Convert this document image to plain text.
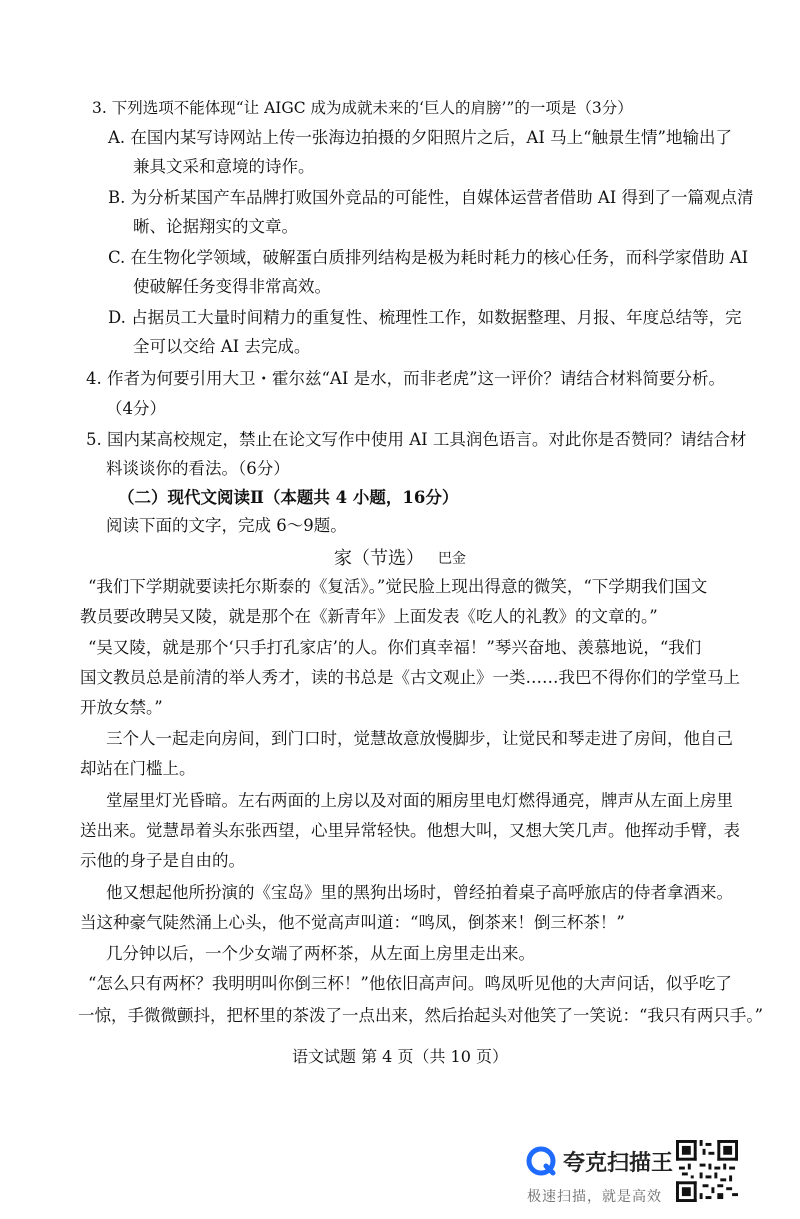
3. 下列选项不能体现“让 AIGC 成为成就未来的‘巨人的肩膀’”的一项是（3分）
A. 在国内某写诗网站上传一张海边拍摄的夕阳照片之后，AI 马上“触景生情”地输出了
兼具文采和意境的诗作。
B. 为分析某国产车品牌打败国外竞品的可能性，自媒体运营者借助 AI 得到了一篇观点清
晰、论据翔实的文章。
C. 在生物化学领域，破解蛋白质排列结构是极为耗时耗力的核心任务，而科学家借助 AI
使破解任务变得非常高效。
D. 占据员工大量时间精力的重复性、梳理性工作，如数据整理、月报、年度总结等，完
全可以交给 AI 去完成。
4. 作者为何要引用大卫・霍尔兹“AI 是水，而非老虎”这一评价？请结合材料简要分析。
（4分）
5. 国内某高校规定，禁止在论文写作中使用 AI 工具润色语言。对此你是否赞同？请结合材
料谈谈你的看法。（6分）
（二）现代文阅读Ⅱ（本题共 4 小题，16分）
阅读下面的文字，完成 6～9题。
家（节选） 巴金
“我们下学期就要读托尔斯泰的《复活》。”觉民脸上现出得意的微笑，“下学期我们国文
教员要改聘吴又陵，就是那个在《新青年》上面发表《吃人的礼教》的文章的。”
“吴又陵，就是那个‘只手打孔家店’的人。你们真幸福！”琴兴奋地、羡慕地说，“我们
国文教员总是前清的举人秀才，读的书总是《古文观止》一类……我巴不得你们的学堂马上
开放女禁。”
三个人一起走向房间，到门口时，觉慧故意放慢脚步，让觉民和琴走进了房间，他自己
却站在门槛上。
堂屋里灯光昏暗。左右两面的上房以及对面的厢房里电灯燃得通亮，牌声从左面上房里
送出来。觉慧昂着头东张西望，心里异常轻快。他想大叫，又想大笑几声。他挥动手臂，表
示他的身子是自由的。
他又想起他所扮演的《宝岛》里的黑狗出场时，曾经拍着桌子高呼旅店的侍者拿酒来。
当这种豪气陡然涌上心头，他不觉高声叫道：“鸣凤，倒茶来！倒三杯茶！”
几分钟以后，一个少女端了两杯茶，从左面上房里走出来。
“怎么只有两杯？我明明叫你倒三杯！”他依旧高声问。鸣凤听见他的大声问话，似乎吃了
一惊，手微微颤抖，把杯里的茶泼了一点出来，然后抬起头对他笑了一笑说：“我只有两只手。”
语文试题 第 4 页（共 10 页）
夸克扫描王
极速扫描，就是高效
